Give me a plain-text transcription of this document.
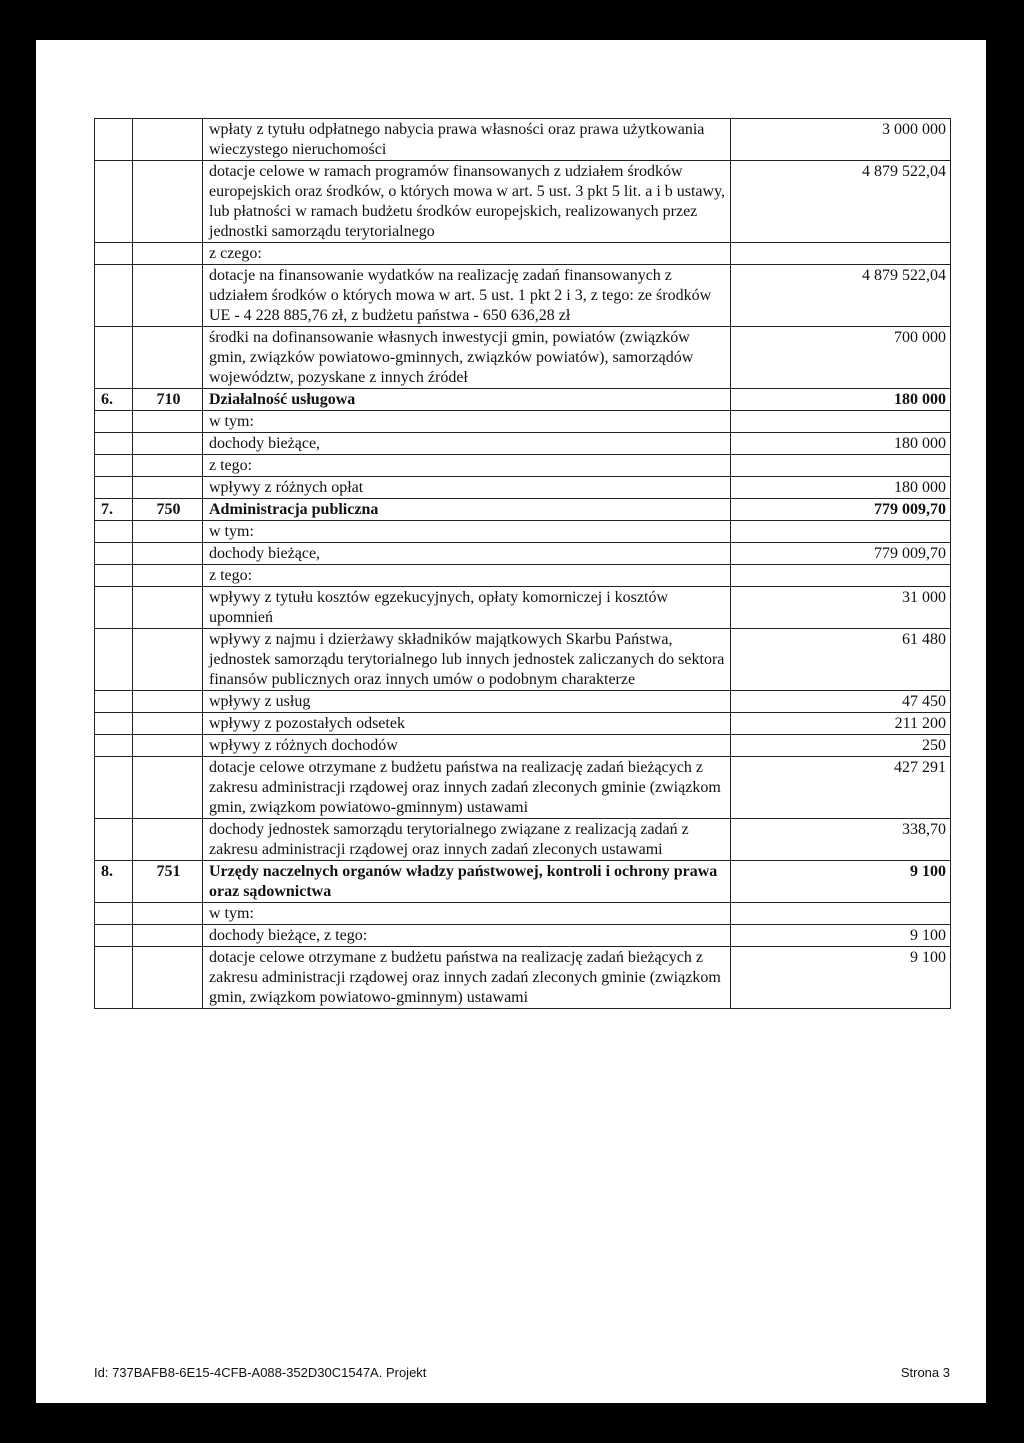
		wpłaty z tytułu odpłatnego nabycia prawa własności oraz prawa użytkowania wieczystego nieruchomości	3 000 000
		dotacje celowe w ramach programów finansowanych z udziałem środków europejskich oraz środków, o których mowa w art. 5 ust. 3 pkt 5 lit. a i b ustawy, lub płatności w ramach budżetu środków europejskich, realizowanych przez jednostki samorządu terytorialnego	4 879 522,04
		z czego:	
		dotacje na finansowanie wydatków na realizację zadań finansowanych z udziałem środków o których mowa w art. 5 ust. 1 pkt 2 i 3, z tego: ze środków UE - 4 228 885,76 zł, z budżetu państwa - 650 636,28 zł	4 879 522,04
		środki na dofinansowanie własnych inwestycji gmin, powiatów (związków gmin, związków powiatowo-gminnych, związków powiatów), samorządów województw, pozyskane z innych źródeł	700 000
6.	710	Działalność usługowa	180 000
		w tym:	
		dochody bieżące,	180 000
		z tego:	
		wpływy z różnych opłat	180 000
7.	750	Administracja publiczna	779 009,70
		w tym:	
		dochody bieżące,	779 009,70
		z tego:	
		wpływy z tytułu kosztów egzekucyjnych, opłaty komorniczej i kosztów upomnień	31 000
		wpływy z najmu i dzierżawy składników majątkowych Skarbu Państwa, jednostek samorządu terytorialnego lub innych jednostek zaliczanych do sektora finansów publicznych oraz innych umów o podobnym charakterze	61 480
		wpływy z usług	47 450
		wpływy z pozostałych odsetek	211 200
		wpływy z różnych dochodów	250
		dotacje celowe otrzymane z budżetu państwa na realizację zadań bieżących z zakresu administracji rządowej oraz innych zadań zleconych gminie (związkom gmin, związkom powiatowo-gminnym) ustawami	427 291
		dochody jednostek samorządu terytorialnego związane z realizacją zadań z zakresu administracji rządowej oraz innych zadań zleconych ustawami	338,70
8.	751	Urzędy naczelnych organów władzy państwowej, kontroli i ochrony prawa oraz sądownictwa	9 100
		w tym:	
		dochody bieżące, z tego:	9 100
		dotacje celowe otrzymane z budżetu państwa na realizację zadań bieżących z zakresu administracji rządowej oraz innych zadań zleconych gminie (związkom gmin, związkom powiatowo-gminnym) ustawami	9 100
Id: 737BAFB8-6E15-4CFB-A088-352D30C1547A. Projekt	Strona 3
